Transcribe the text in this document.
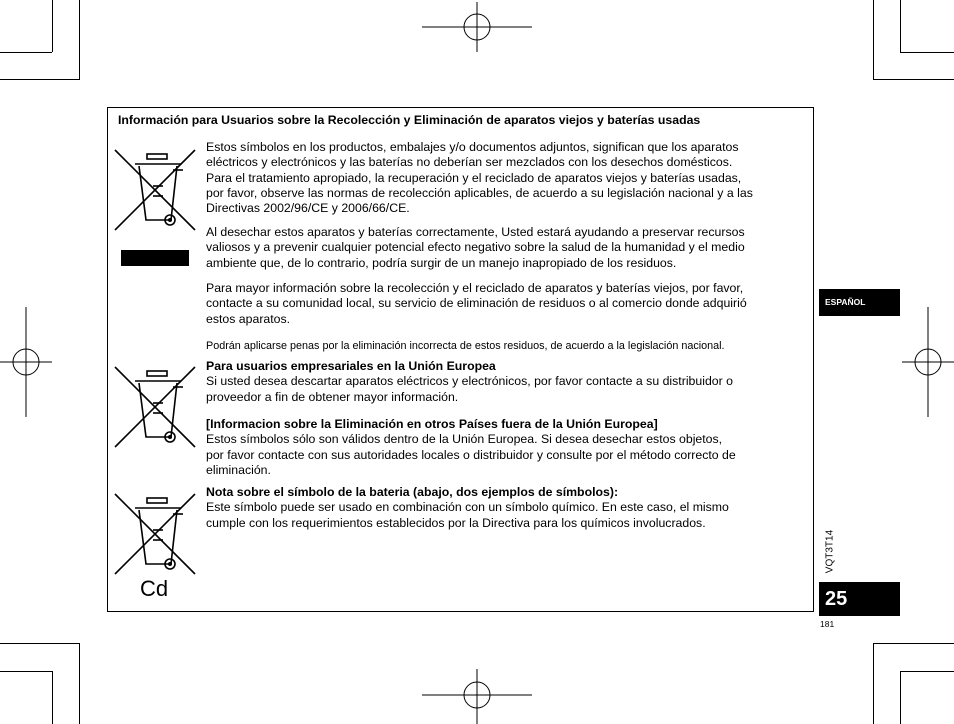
Información para Usuarios sobre la Recolección y Eliminación de aparatos viejos y baterías usadas
Cd
Estos símbolos en los productos, embalajes y/o documentos adjuntos, significan que los aparatos
eléctricos y electrónicos y las baterías no deberían ser mezclados con los desechos domésticos.
Para el tratamiento apropiado, la recuperación y el reciclado de aparatos viejos y baterías usadas,
por favor, observe las normas de recolección aplicables, de acuerdo a su legislación nacional y a las
Directivas 2002/96/CE y 2006/66/CE.
Al desechar estos aparatos y baterías correctamente, Usted estará ayudando a preservar recursos
valiosos y a prevenir cualquier potencial efecto negativo sobre la salud de la humanidad y el medio
ambiente que, de lo contrario, podría surgir de un manejo inapropiado de los residuos.
Para mayor información sobre la recolección y el reciclado de aparatos y baterías viejos, por favor,
contacte a su comunidad local, su servicio de eliminación de residuos o al comercio donde adquirió
estos aparatos.
Podrán aplicarse penas por la eliminación incorrecta de estos residuos, de acuerdo a la legislación nacional.
Para usuarios empresariales en la Unión Europea
Si usted desea descartar aparatos eléctricos y electrónicos, por favor contacte a su distribuidor o
proveedor a fin de obtener mayor información.
[Informacion sobre la Eliminación en otros Países fuera de la Unión Europea]
Estos símbolos sólo son válidos dentro de la Unión Europea. Si desea desechar estos objetos,
por favor contacte con sus autoridades locales o distribuidor y consulte por el método correcto de
eliminación.
Nota sobre el símbolo de la bateria (abajo, dos ejemplos de símbolos):
Este símbolo puede ser usado en combinación con un símbolo químico. En este caso, el mismo
cumple con los requerimientos establecidos por la Directiva para los químicos involucrados.
ESPAÑOL
VQT3T14
25
181
